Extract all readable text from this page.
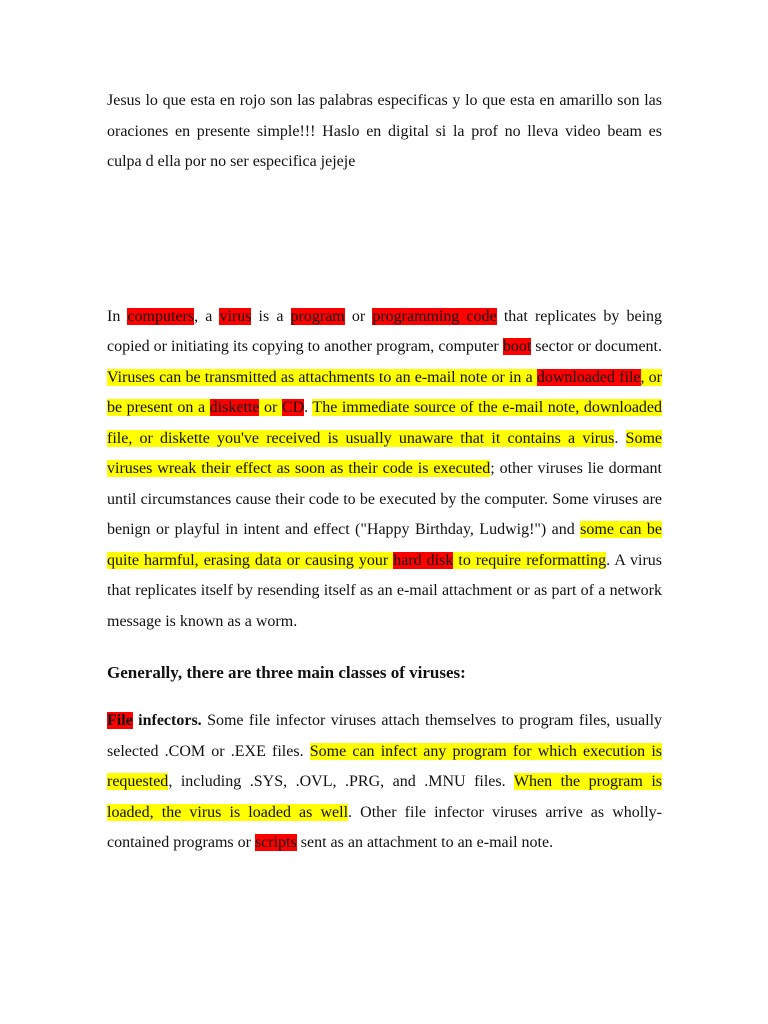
Jesus lo que esta en rojo son las palabras especificas y lo que esta en amarillo son las oraciones en presente simple!!! Haslo en digital si la prof no lleva video beam es culpa d ella por no ser especifica jejeje

In computers, a virus is a program or programming code that replicates by being copied or initiating its copying to another program, computer boot sector or document. Viruses can be transmitted as attachments to an e-mail note or in a downloaded file, or be present on a diskette or CD. The immediate source of the e-mail note, downloaded file, or diskette you've received is usually unaware that it contains a virus. Some viruses wreak their effect as soon as their code is executed; other viruses lie dormant until circumstances cause their code to be executed by the computer. Some viruses are benign or playful in intent and effect ("Happy Birthday, Ludwig!") and some can be quite harmful, erasing data or causing your hard disk to require reformatting. A virus that replicates itself by resending itself as an e-mail attachment or as part of a network message is known as a worm.

Generally, there are three main classes of viruses:

File infectors. Some file infector viruses attach themselves to program files, usually selected .COM or .EXE files. Some can infect any program for which execution is requested, including .SYS, .OVL, .PRG, and .MNU files. When the program is loaded, the virus is loaded as well. Other file infector viruses arrive as wholly-contained programs or scripts sent as an attachment to an e-mail note.
